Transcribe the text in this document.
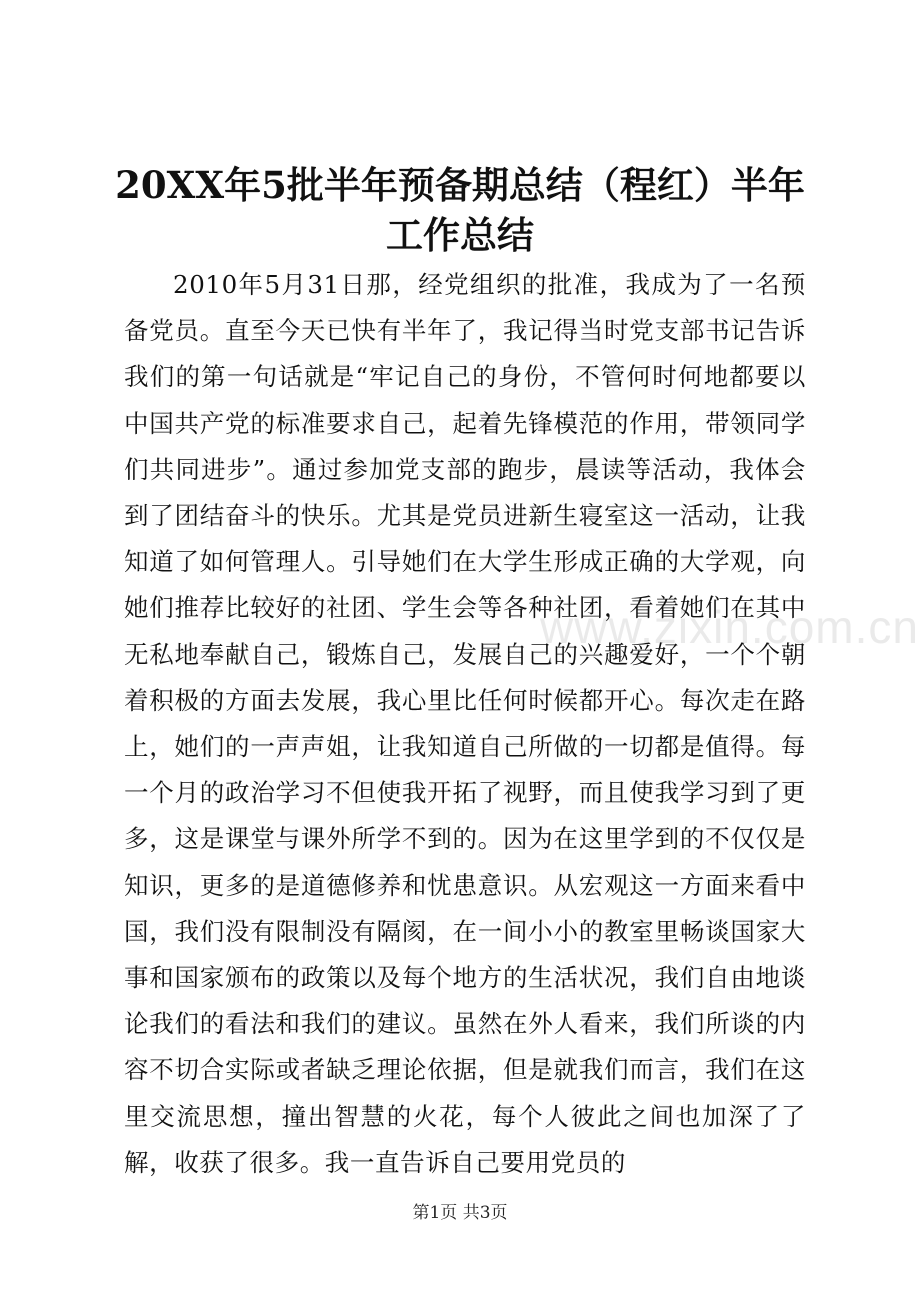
20XX年5批半年预备期总结（程红）半年工作总结

2010年5月31日那，经党组织的批准，我成为了一名预备党员。直至今天已快有半年了，我记得当时党支部书记告诉我们的第一句话就是“牢记自己的身份，不管何时何地都要以中国共产党的标准要求自己，起着先锋模范的作用，带领同学们共同进步”。通过参加党支部的跑步，晨读等活动，我体会到了团结奋斗的快乐。尤其是党员进新生寝室这一活动，让我知道了如何管理人。引导她们在大学生形成正确的大学观，向她们推荐比较好的社团、学生会等各种社团，看着她们在其中无私地奉献自己，锻炼自己，发展自己的兴趣爱好，一个个朝着积极的方面去发展，我心里比任何时候都开心。每次走在路上，她们的一声声姐，让我知道自己所做的一切都是值得。每一个月的政治学习不但使我开拓了视野，而且使我学习到了更多，这是课堂与课外所学不到的。因为在这里学到的不仅仅是知识，更多的是道德修养和忧患意识。从宏观这一方面来看中国，我们没有限制没有隔阂，在一间小小的教室里畅谈国家大事和国家颁布的政策以及每个地方的生活状况，我们自由地谈论我们的看法和我们的建议。虽然在外人看来，我们所谈的内容不切合实际或者缺乏理论依据，但是就我们而言，我们在这里交流思想，撞出智慧的火花，每个人彼此之间也加深了了解，收获了很多。我一直告诉自己要用党员的

www.zixin.com.cn

第1页 共3页
